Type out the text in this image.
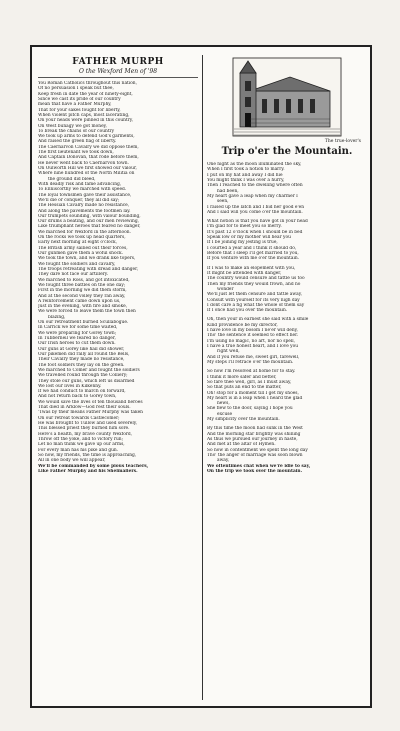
FATHER MURPH
O the Wexford Men of '98
You Roman Catholics throughout this nation,
Of no persuasion I speak but thee,
Keep fresh in date the year of ninety-eight,
Since we cast its pride of our country
mean that have a Father Murphy,
That for your sakes fought for liberty,
When violent pitch caps, most lacerating,
On your heads were pinned in this country,
On West bunagy we got money,
To break the chains of our country
We took up arms to defend God's garments,
And raised the green flag of liberty.
The Caernarvon Cavalry we did oppose them,
The first lieutenant we took down,
And Captain Donovan, that rode before them,
He never went back to Caernarvon town.
On Oulworth Hill we first showed our valour,
Where nine hundred of the North Militia on
the ground did bleed,
With deadly risk and fame advancing,
To Enniscorthy we marched with speed.
The loyal townsmen gave their assistance,
We'll die or conquer, they all did say;
The Hessian Cavalry made no resistance,
And along the pavements the footmen lay.
Our trumpets sounding, with valour bounding,
Our drums a beating, and our men reviewing,
Like triumphant heroes that feared no danger,
We marched for Wexford in the afternoon.
On the rocks we took up head quarters,
Early next morning at eight o'clock,
The British army sallied out their forces,
Our gunmen gave them a woful shock.
We took the town, and we drank like topers,
We fought the soldiers and cavalry,
The troops retreating with dread and danger,
They dare not face our artillery.
We marched to Ross, and got intoxicated,
We fought three battles on the one day;
First in the morning we did them storm,
And at the second volley they ran away,
A reinforcement came down upon us,
Just in the evening, with fire and smoke,
We were forced to leave them the town then
blazing,
On our retreatment burned Scullabogue.
In Carrick we for some time waited,
We were preparing for Gorey town;
In Tubberneil we feared no danger,
Our Irish heroes to cut them down.
Our guns at Gorey like hail did shower,
Our pikemen did rally all round the Bells,
Their Cavalry they made no resistance,
The foot soldiers they lay on the green.
We marched to Comer and fought the soldiers
We travelled round through the Colliery;
They stole our guns, which left us disarmed
We lost our lives in Kilkenny.
If we had conduct to march on forward,
And not return back to Gorey town,
We would save the lives of ten thousand heroes
That died in Arklow—God rest their souls.
'Twas by their means Father Murphy was taken
On our retreat towards Castlecomer;
He was brought to Tullow and used severely,
This blessed priest they burned him sore.
Here's a health, my brave county Wexford,
Throw off the yoke, and to victory run;
Let no man think we gave up our arms,
For every man has his pike and gun.
So now, my friends, the time is approaching,
All in one body we will appear,
We'll be commanded by some pious teachers,
Like Father Murphy and his Shelmaliers.
The true-lover's
Trip o'er the Mountain.
One night as the moon illuminated the sky,
When I first took a notion to marry.
I put on my hat and away I did hie
You might think I was over a hurry,
Then I reached to the dwelling where often
had been,
My heart gave a leap when my charmer I
seen,
I raised up the latch and I bid her good e'en
And I said will you come o'er the mountain.
What notion is that you have got in your head
I'm glad for to meet you so merry.
It's past 12 o'clock when I should be in bed
Speak low or my mother will hear you
If I be joining my jesting is true,
I courted a year and I think it should do,
Before that I sleep I'll get married to you,
If you venture with me o'er the mountain.
If I was to make an elopement with you,
It might be attended with danger,
The country would censure and tattle us too
Then my friends they would frown, and no
wonder
We'll just let them censure and tattle away,
Consult with yourself for its very nigh day
I dont care a fig what the whole of them say
If I once had you over the mountain.
Oh, then your in earnest she said with a smile
Kind providence be my director,
I have love in my bosom I ne'er will deny,
Tho' the sentence it seemed to effect her.
I'm using no magic, no art, nor no spell,
I have a true honest heart, and I love you
right well,
And if you refuse me, sweet girl, farewell,
My steps I'll retrace o'er the mountain.
So now I'm resolved at home for to stay.
I think it more safer and better,
So fare thee well, girl, as I must away,
So that puts an end to the matter,
Oh! stop for a moment till I get my shoes,
My heart is in a leap when I heard the glad
news,
She flew to the door, saying I hope you
excuse
My simplicity over the mountain.
By this time the moon had sunk in the West
And the morning star brightly was shining
As thus we pursued our journey in haste,
And met at the altar of Hymen.
So now in contentment we spent the long day
Tho' the anger of marriage was soon blown
away,
We oftentimes chat when we're idle to say,
On the trip we took over the mountain.
